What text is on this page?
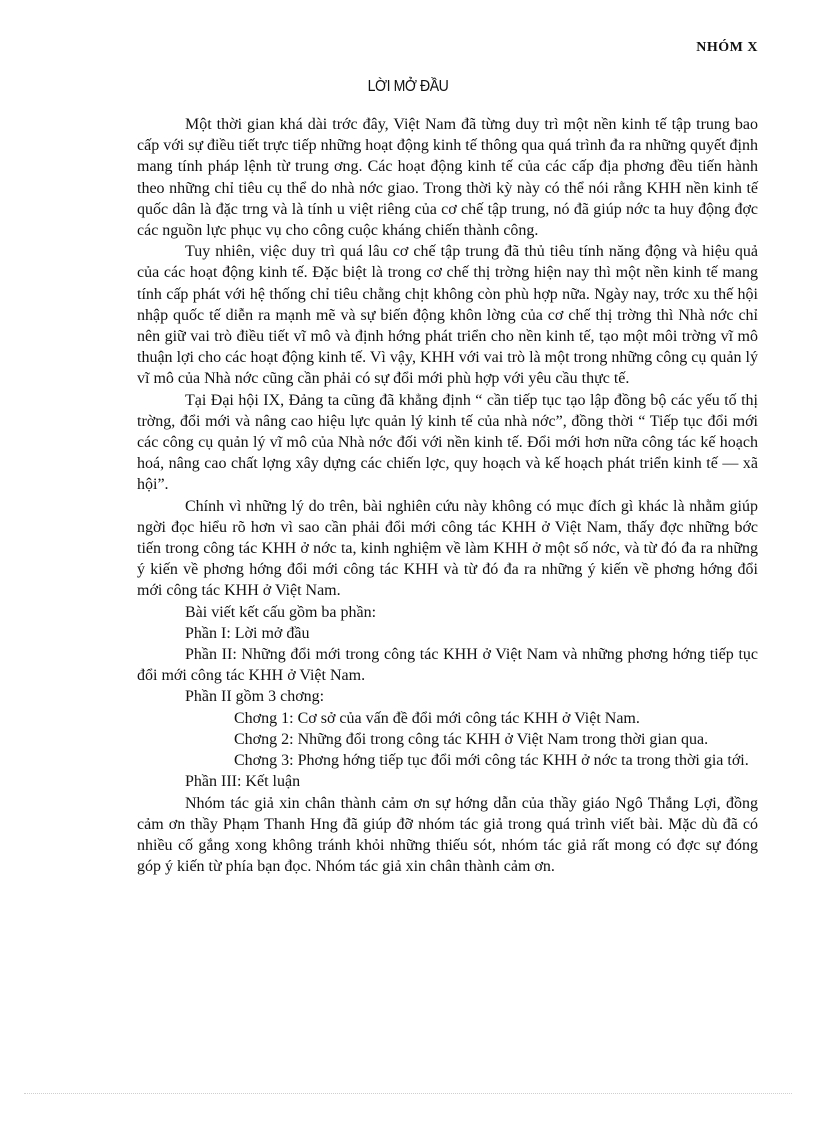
NHÓM X
LỜI MỞ ĐẦU

Một thời gian khá dài trớc đây, Việt Nam đã từng duy trì một nền kinh tế tập trung bao cấp với sự điều tiết trực tiếp những hoạt động kinh tế thông qua quá trình đa ra những quyết định mang tính pháp lệnh từ trung ơng. Các hoạt động kinh tế của các cấp địa phơng đều tiến hành theo những chỉ tiêu cụ thể do nhà nớc giao. Trong thời kỳ này có thể nói rằng KHH nền kinh tế quốc dân là đặc trng và là tính u việt riêng của cơ chế tập trung, nó đã giúp nớc ta huy động đợc các nguồn lực phục vụ cho công cuộc kháng chiến thành công.

Tuy nhiên, việc duy trì quá lâu cơ chế tập trung đã thủ tiêu tính năng động và hiệu quả của các hoạt động kinh tế. Đặc biệt là trong cơ chế thị trờng hiện nay thì một nền kinh tế mang tính cấp phát với hệ thống chỉ tiêu chằng chịt không còn phù hợp nữa. Ngày nay, trớc xu thế hội nhập quốc tế diễn ra mạnh mẽ và sự biến động khôn lờng của cơ chế thị trờng thì Nhà nớc chỉ nên giữ vai trò điều tiết vĩ mô và định hớng phát triển cho nền kinh tế, tạo một môi trờng vĩ mô thuận lợi cho các hoạt động kinh tế. Vì vậy, KHH với vai trò là một trong những công cụ quản lý vĩ mô của Nhà nớc cũng cần phải có sự đổi mới phù hợp với yêu cầu thực tế.

Tại Đại hội IX, Đảng ta cũng đã khẳng định “ cần tiếp tục tạo lập đồng bộ các yếu tố thị trờng, đổi mới và nâng cao hiệu lực quản lý kinh tế của nhà nớc”, đồng thời “ Tiếp tục đổi mới các công cụ quản lý vĩ mô của Nhà nớc đối với nền kinh tế. Đổi mới hơn nữa công tác kế hoạch hoá, nâng cao chất lợng xây dựng các chiến lợc, quy hoạch và kế hoạch phát triển kinh tế — xã hội”.

Chính vì những lý do trên, bài nghiên cứu này không có mục đích gì khác là nhằm giúp ngời đọc hiểu rõ hơn vì sao cần phải đổi mới công tác KHH ở Việt Nam, thấy đợc những bớc tiến trong công tác KHH ở nớc ta, kinh nghiệm về làm KHH ở một số nớc, và từ đó đa ra những ý kiến về phơng hớng đổi mới công tác KHH và từ đó đa ra những ý kiến về phơng hớng đổi mới công tác KHH ở Việt Nam.

Bài viết kết cấu gồm ba phần:

Phần I: Lời mở đầu

Phần II: Những đổi mới trong công tác KHH ở Việt Nam và những phơng hớng tiếp tục đổi mới công tác KHH ở Việt Nam.

Phần II gồm 3 chơng:

Chơng 1: Cơ sở của vấn đề đổi mới công tác KHH ở Việt Nam.

Chơng 2: Những đổi trong công tác KHH ở Việt Nam trong thời gian qua.

Chơng 3: Phơng hớng tiếp tục đổi mới công tác KHH ở nớc ta trong thời gia tới.

Phần III: Kết luận

Nhóm tác giả xin chân thành cảm ơn sự hớng dẫn của thầy giáo Ngô Thắng Lợi, đồng cảm ơn thầy Phạm Thanh Hng đã giúp đỡ nhóm tác giả trong quá trình viết bài. Mặc dù đã có nhiều cố gắng xong không tránh khỏi những thiếu sót, nhóm tác giả rất mong có đợc sự đóng góp ý kiến từ phía bạn đọc. Nhóm tác giả xin chân thành cảm ơn.
